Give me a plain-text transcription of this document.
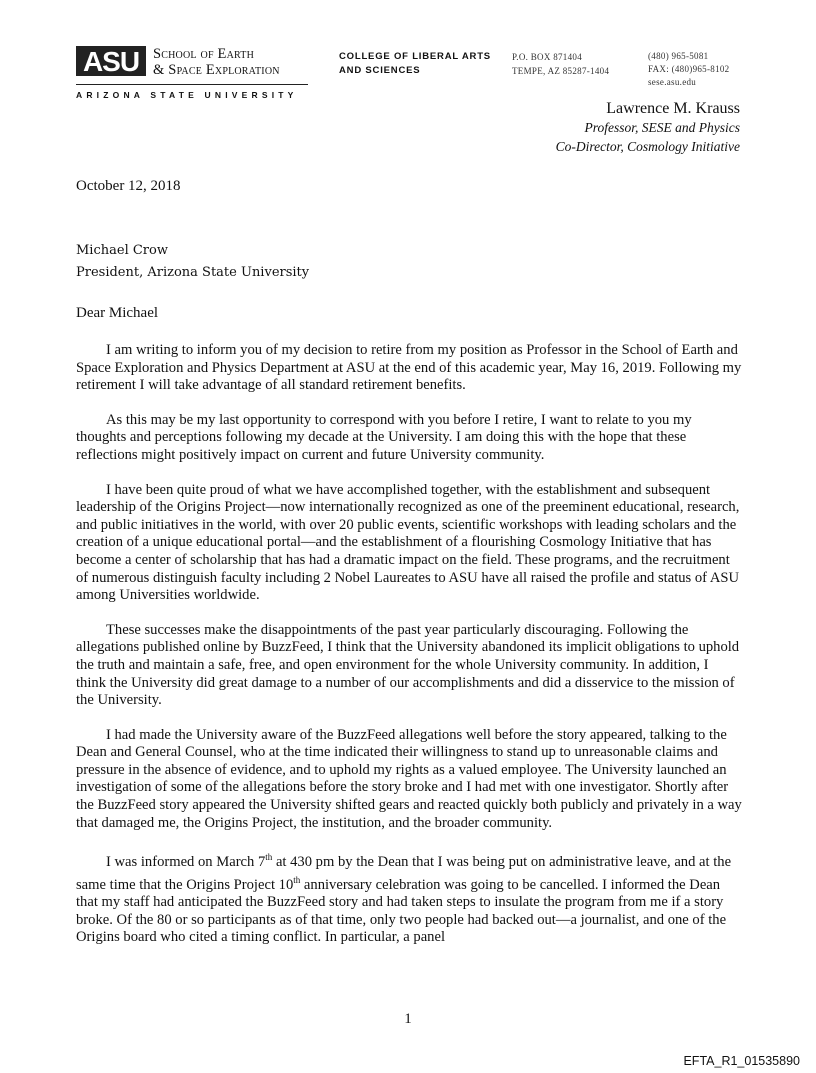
ASU School of Earth
& Space Exploration
ARIZONA STATE UNIVERSITY
COLLEGE OF LIBERAL ARTS
AND SCIENCES
P.O. BOX 871404
TEMPE, AZ 85287-1404
(480) 965-5081
FAX: (480)965-8102
sese.asu.edu
Lawrence M. Krauss
Professor, SESE and Physics
Co-Director, Cosmology Initiative
October 12, 2018
Michael Crow
President, Arizona State University
Dear Michael

I am writing to inform you of my decision to retire from my position as Professor in the School of Earth and Space Exploration and Physics Department at ASU at the end of this academic year, May 16, 2019. Following my retirement I will take advantage of all standard retirement benefits.

As this may be my last opportunity to correspond with you before I retire, I want to relate to you my thoughts and perceptions following my decade at the University. I am doing this with the hope that these reflections might positively impact on current and future University community.

I have been quite proud of what we have accomplished together, with the establishment and subsequent leadership of the Origins Project—now internationally recognized as one of the preeminent educational, research, and public initiatives in the world, with over 20 public events, scientific workshops with leading scholars and the creation of a unique educational portal—and the establishment of a flourishing Cosmology Initiative that has become a center of scholarship that has had a dramatic impact on the field. These programs, and the recruitment of numerous distinguish faculty including 2 Nobel Laureates to ASU have all raised the profile and status of ASU among Universities worldwide.

These successes make the disappointments of the past year particularly discouraging. Following the allegations published online by BuzzFeed, I think that the University abandoned its implicit obligations to uphold the truth and maintain a safe, free, and open environment for the whole University community. In addition, I think the University did great damage to a number of our accomplishments and did a disservice to the mission of the University.

I had made the University aware of the BuzzFeed allegations well before the story appeared, talking to the Dean and General Counsel, who at the time indicated their willingness to stand up to unreasonable claims and pressure in the absence of evidence, and to uphold my rights as a valued employee. The University launched an investigation of some of the allegations before the story broke and I had met with one investigator. Shortly after the BuzzFeed story appeared the University shifted gears and reacted quickly both publicly and privately in a way that damaged me, the Origins Project, the institution, and the broader community.

I was informed on March 7th at 430 pm by the Dean that I was being put on administrative leave, and at the same time that the Origins Project 10th anniversary celebration was going to be cancelled. I informed the Dean that my staff had anticipated the BuzzFeed story and had taken steps to insulate the program from me if a story broke. Of the 80 or so participants as of that time, only two people had backed out—a journalist, and one of the Origins board who cited a timing conflict. In particular, a panel

1
EFTA_R1_01535890
